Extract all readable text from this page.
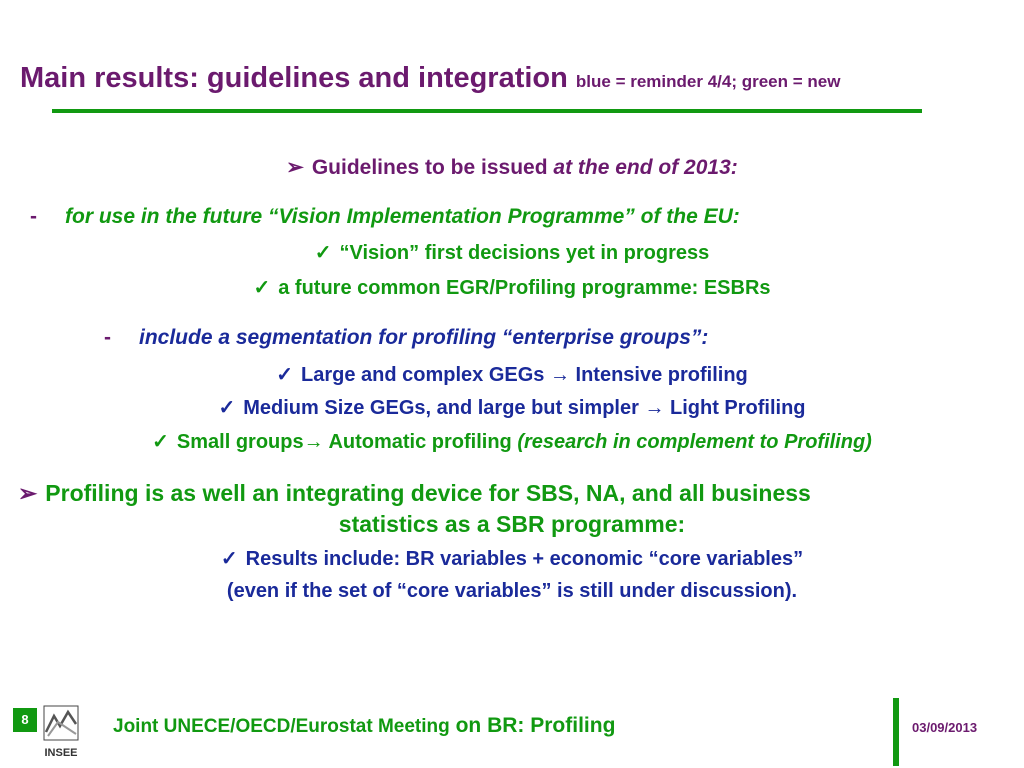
Main results: guidelines and integration blue = reminder 4/4; green = new
➢ Guidelines to be issued at the end of 2013:
- for use in the future “Vision Implementation Programme” of the EU:
✓ “Vision” first decisions yet in progress
✓ a future common EGR/Profiling programme: ESBRs
- include a segmentation for profiling “enterprise groups”:
✓ Large and complex GEGs → Intensive profiling
✓ Medium Size GEGs, and large but simpler → Light Profiling
✓ Small groups→ Automatic profiling (research in complement to Profiling)
➢ Profiling is as well an integrating device for SBS, NA, and all business
statistics as a SBR programme:
✓ Results include: BR variables + economic “core variables”
(even if the set of “core variables” is still under discussion).
8
INSEE
Joint UNECE/OECD/Eurostat Meeting on BR: Profiling	03/09/2013
